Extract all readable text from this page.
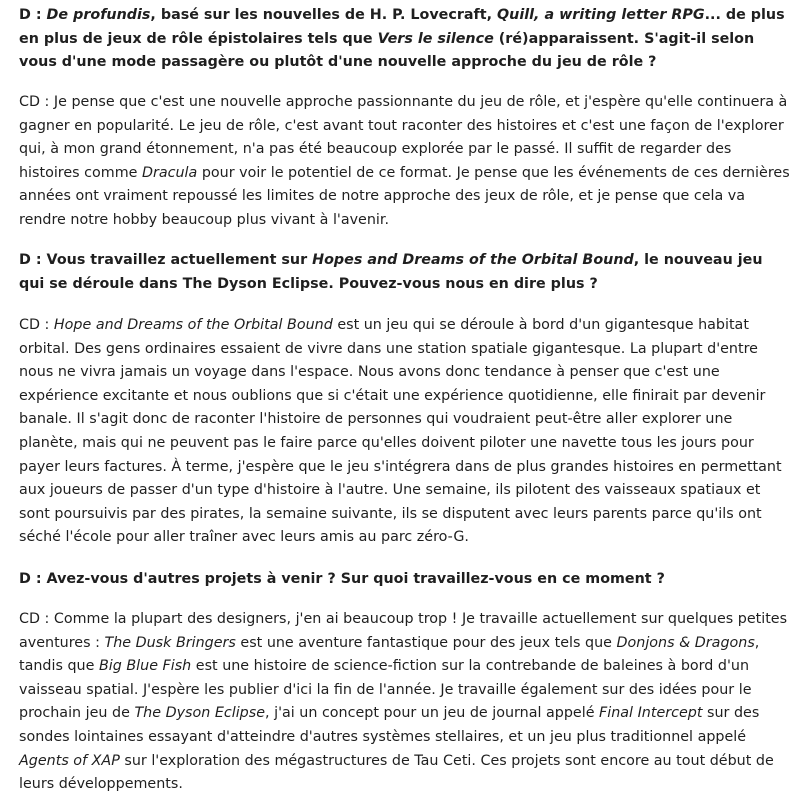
D : De profundis, basé sur les nouvelles de H. P. Lovecraft, Quill, a writing letter RPG... de plus en plus de jeux de rôle épistolaires tels que Vers le silence (ré)apparaissent. S'agit-il selon vous d'une mode passagère ou plutôt d'une nouvelle approche du jeu de rôle ?

CD : Je pense que c'est une nouvelle approche passionnante du jeu de rôle, et j'espère qu'elle continuera à gagner en popularité. Le jeu de rôle, c'est avant tout raconter des histoires et c'est une façon de l'explorer qui, à mon grand étonnement, n'a pas été beaucoup explorée par le passé. Il suffit de regarder des histoires comme Dracula pour voir le potentiel de ce format. Je pense que les événements de ces dernières années ont vraiment repoussé les limites de notre approche des jeux de rôle, et je pense que cela va rendre notre hobby beaucoup plus vivant à l'avenir.

D : Vous travaillez actuellement sur Hopes and Dreams of the Orbital Bound, le nouveau jeu qui se déroule dans The Dyson Eclipse. Pouvez-vous nous en dire plus ?

CD : Hope and Dreams of the Orbital Bound est un jeu qui se déroule à bord d'un gigantesque habitat orbital. Des gens ordinaires essaient de vivre dans une station spatiale gigantesque. La plupart d'entre nous ne vivra jamais un voyage dans l'espace. Nous avons donc tendance à penser que c'est une expérience excitante et nous oublions que si c'était une expérience quotidienne, elle finirait par devenir banale. Il s'agit donc de raconter l'histoire de personnes qui voudraient peut-être aller explorer une planète, mais qui ne peuvent pas le faire parce qu'elles doivent piloter une navette tous les jours pour payer leurs factures. À terme, j'espère que le jeu s'intégrera dans de plus grandes histoires en permettant aux joueurs de passer d'un type d'histoire à l'autre. Une semaine, ils pilotent des vaisseaux spatiaux et sont poursuivis par des pirates, la semaine suivante, ils se disputent avec leurs parents parce qu'ils ont séché l'école pour aller traîner avec leurs amis au parc zéro-G.

D : Avez-vous d'autres projets à venir ? Sur quoi travaillez-vous en ce moment ?

CD : Comme la plupart des designers, j'en ai beaucoup trop ! Je travaille actuellement sur quelques petites aventures : The Dusk Bringers est une aventure fantastique pour des jeux tels que Donjons & Dragons, tandis que Big Blue Fish est une histoire de science-fiction sur la contrebande de baleines à bord d'un vaisseau spatial. J'espère les publier d'ici la fin de l'année. Je travaille également sur des idées pour le prochain jeu de The Dyson Eclipse, j'ai un concept pour un jeu de journal appelé Final Intercept sur des sondes lointaines essayant d'atteindre d'autres systèmes stellaires, et un jeu plus traditionnel appelé Agents of XAP sur l'exploration des mégastructures de Tau Ceti. Ces projets sont encore au tout début de leurs développements.
